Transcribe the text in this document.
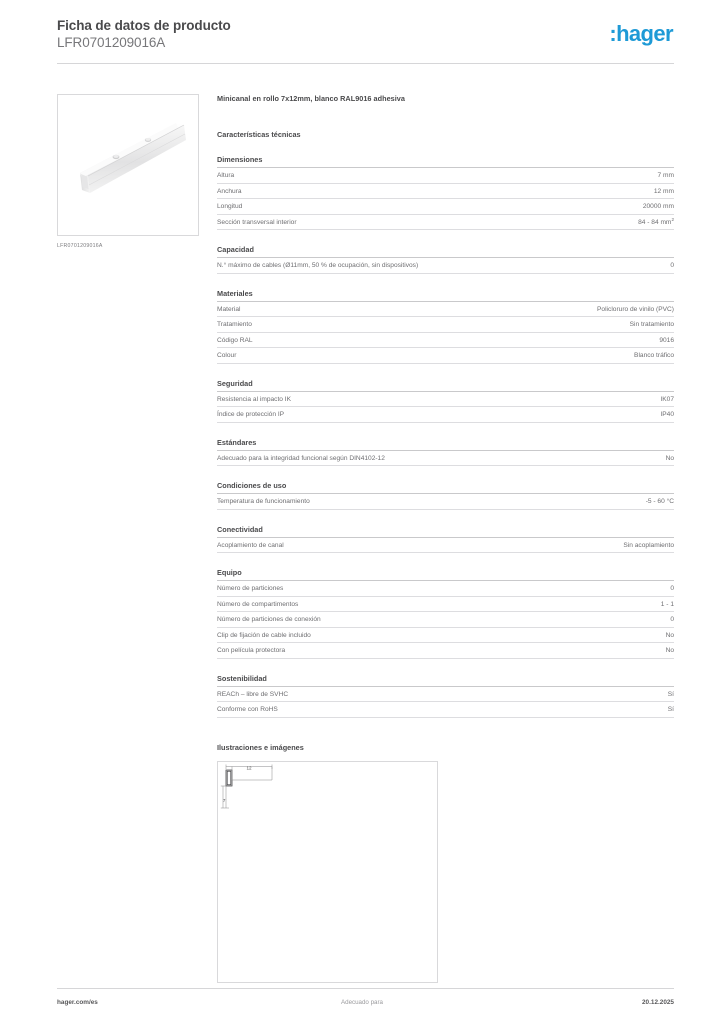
Ficha de datos de producto
LFR0701209016A	:hager
LFR0701209016A
Minicanal en rollo 7x12mm, blanco RAL9016 adhesiva
Características técnicas
Dimensiones
Altura	7 mm
Anchura	12 mm
Longitud	20000 mm
Sección transversal interior	84 - 84 $mm^2$
Capacidad
N.° máximo de cables (Ø11mm, 50 % de ocupación, sin dispositivos)	0
Materiales
Material	Policloruro de vinilo (PVC)
Tratamiento	Sin tratamiento
Código RAL	9016
Colour	Blanco tráfico
Seguridad
Resistencia al impacto IK	IK07
Índice de protección IP	IP40
Estándares
Adecuado para la integridad funcional según DIN4102-12	No
Condiciones de uso
Temperatura de funcionamiento	-5 - 60 °C
Conectividad
Acoplamiento de canal	Sin acoplamiento
Equipo
Número de particiones	0
Número de compartimentos	1 - 1
Número de particiones de conexión	0
Clip de fijación de cable incluido	No
Con película protectora	No
Sostenibilidad
REACh – libre de SVHC	Sí
Conforme con RoHS	Sí
Ilustraciones e imágenes
12
7
hager.com/es	Adecuado para	20.12.2025
